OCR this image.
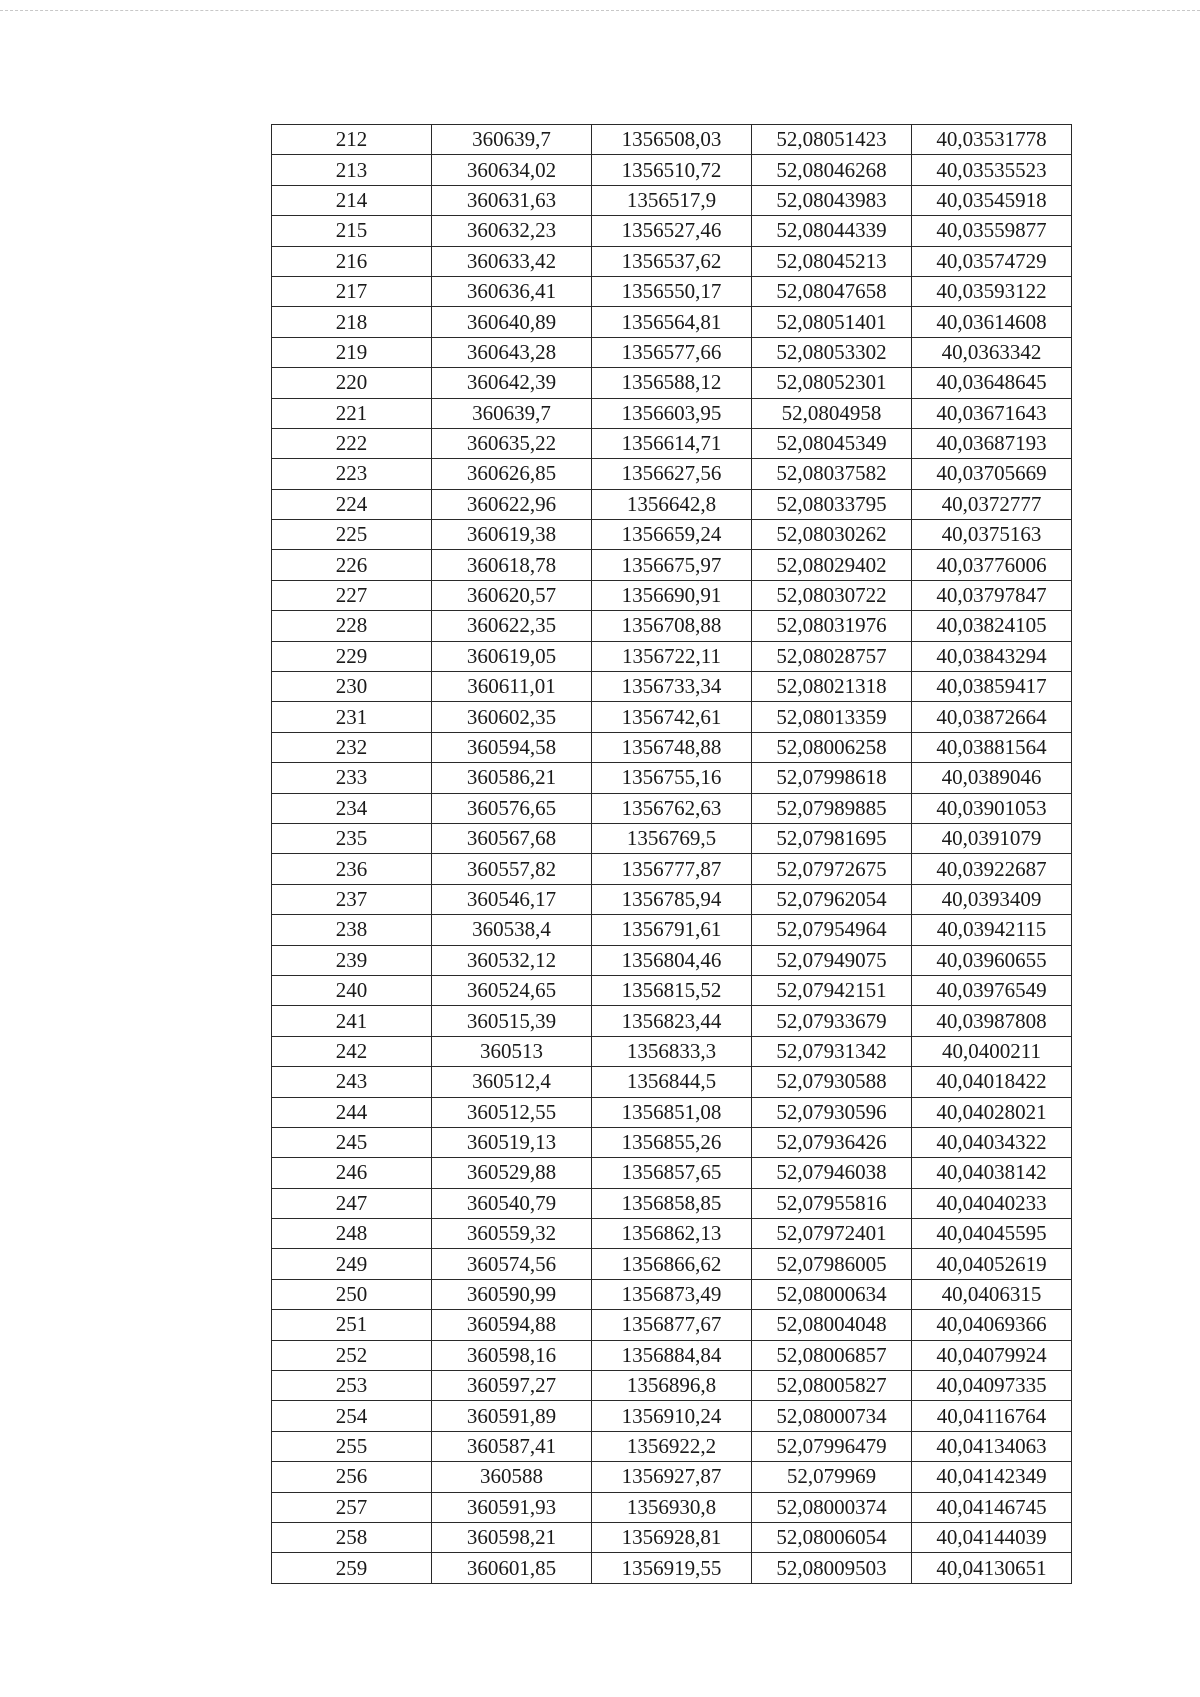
212	360639,7	1356508,03	52,08051423	40,03531778
213	360634,02	1356510,72	52,08046268	40,03535523
214	360631,63	1356517,9	52,08043983	40,03545918
215	360632,23	1356527,46	52,08044339	40,03559877
216	360633,42	1356537,62	52,08045213	40,03574729
217	360636,41	1356550,17	52,08047658	40,03593122
218	360640,89	1356564,81	52,08051401	40,03614608
219	360643,28	1356577,66	52,08053302	40,0363342
220	360642,39	1356588,12	52,08052301	40,03648645
221	360639,7	1356603,95	52,0804958	40,03671643
222	360635,22	1356614,71	52,08045349	40,03687193
223	360626,85	1356627,56	52,08037582	40,03705669
224	360622,96	1356642,8	52,08033795	40,0372777
225	360619,38	1356659,24	52,08030262	40,0375163
226	360618,78	1356675,97	52,08029402	40,03776006
227	360620,57	1356690,91	52,08030722	40,03797847
228	360622,35	1356708,88	52,08031976	40,03824105
229	360619,05	1356722,11	52,08028757	40,03843294
230	360611,01	1356733,34	52,08021318	40,03859417
231	360602,35	1356742,61	52,08013359	40,03872664
232	360594,58	1356748,88	52,08006258	40,03881564
233	360586,21	1356755,16	52,07998618	40,0389046
234	360576,65	1356762,63	52,07989885	40,03901053
235	360567,68	1356769,5	52,07981695	40,0391079
236	360557,82	1356777,87	52,07972675	40,03922687
237	360546,17	1356785,94	52,07962054	40,0393409
238	360538,4	1356791,61	52,07954964	40,03942115
239	360532,12	1356804,46	52,07949075	40,03960655
240	360524,65	1356815,52	52,07942151	40,03976549
241	360515,39	1356823,44	52,07933679	40,03987808
242	360513	1356833,3	52,07931342	40,0400211
243	360512,4	1356844,5	52,07930588	40,04018422
244	360512,55	1356851,08	52,07930596	40,04028021
245	360519,13	1356855,26	52,07936426	40,04034322
246	360529,88	1356857,65	52,07946038	40,04038142
247	360540,79	1356858,85	52,07955816	40,04040233
248	360559,32	1356862,13	52,07972401	40,04045595
249	360574,56	1356866,62	52,07986005	40,04052619
250	360590,99	1356873,49	52,08000634	40,0406315
251	360594,88	1356877,67	52,08004048	40,04069366
252	360598,16	1356884,84	52,08006857	40,04079924
253	360597,27	1356896,8	52,08005827	40,04097335
254	360591,89	1356910,24	52,08000734	40,04116764
255	360587,41	1356922,2	52,07996479	40,04134063
256	360588	1356927,87	52,079969	40,04142349
257	360591,93	1356930,8	52,08000374	40,04146745
258	360598,21	1356928,81	52,08006054	40,04144039
259	360601,85	1356919,55	52,08009503	40,04130651
